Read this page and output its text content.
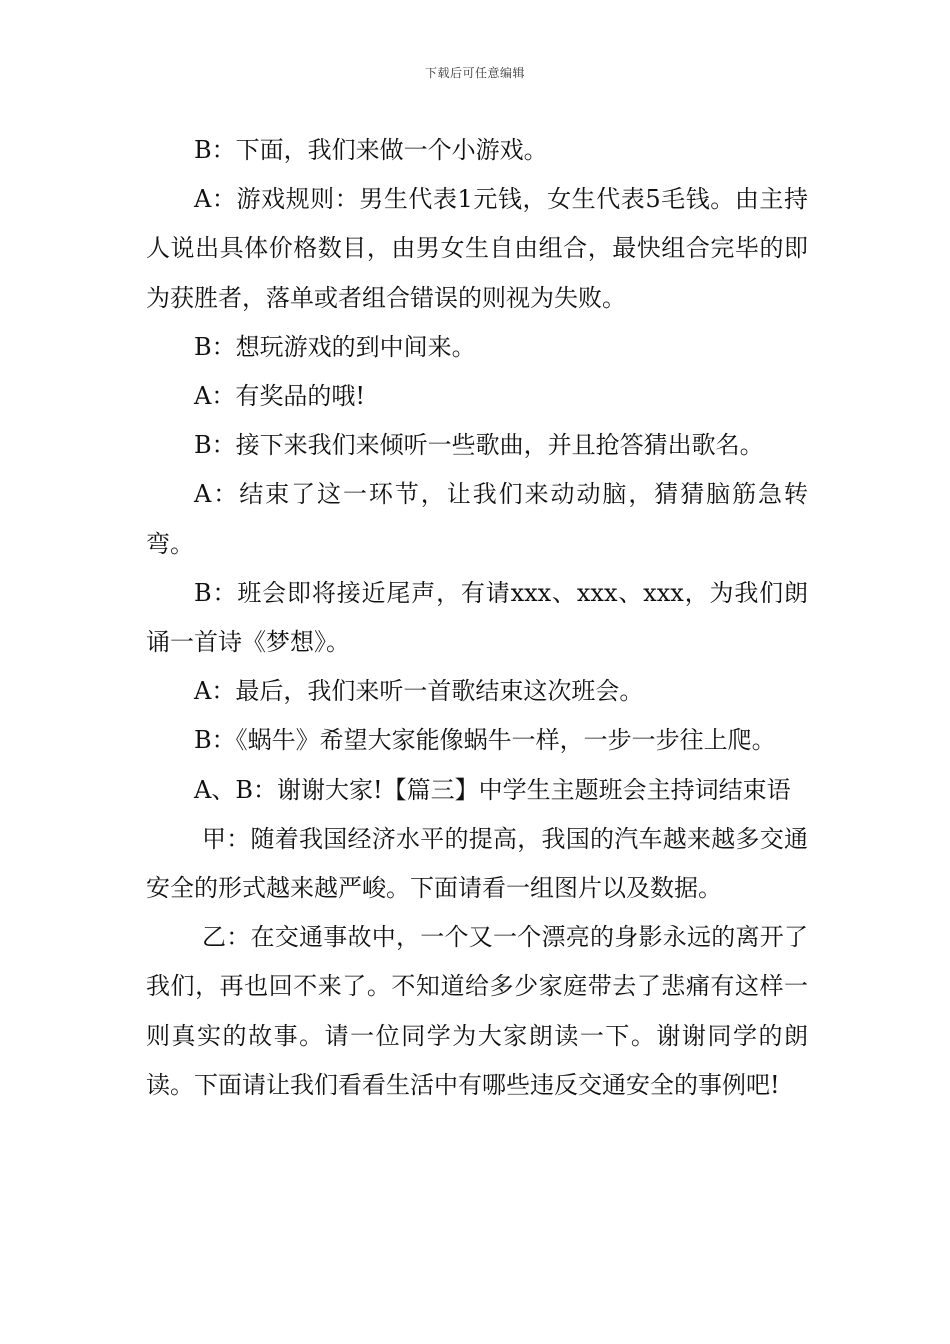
下载后可任意编辑

B：下面，我们来做一个小游戏。

A：游戏规则：男生代表1元钱，女生代表5毛钱。由主持人说出具体价格数目，由男女生自由组合，最快组合完毕的即为获胜者，落单或者组合错误的则视为失败。

B：想玩游戏的到中间来。

A：有奖品的哦!

B：接下来我们来倾听一些歌曲，并且抢答猜出歌名。

A：结束了这一环节，让我们来动动脑，猜猜脑筋急转弯。

B：班会即将接近尾声，有请xxx、xxx、xxx，为我们朗诵一首诗《梦想》。

A：最后，我们来听一首歌结束这次班会。

B：《蜗牛》希望大家能像蜗牛一样，一步一步往上爬。

A、B：谢谢大家!【篇三】中学生主题班会主持词结束语

甲：随着我国经济水平的提高，我国的汽车越来越多交通安全的形式越来越严峻。下面请看一组图片以及数据。

乙：在交通事故中，一个又一个漂亮的身影永远的离开了我们，再也回不来了。不知道给多少家庭带去了悲痛有这样一则真实的故事。请一位同学为大家朗读一下。谢谢同学的朗读。下面请让我们看看生活中有哪些违反交通安全的事例吧!
